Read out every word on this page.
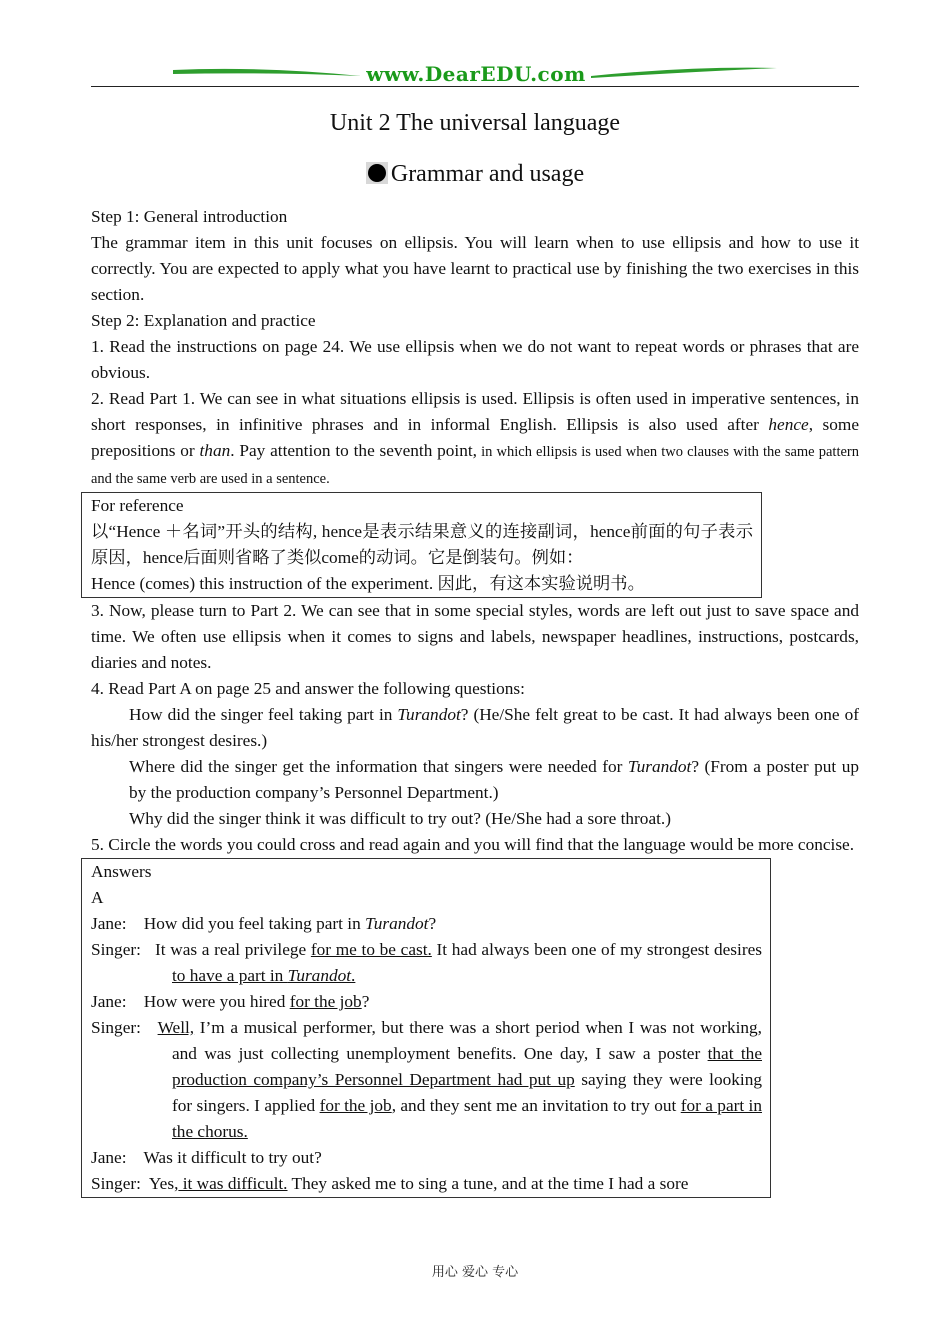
www.DearEDU.com
Unit 2 The universal language
Grammar and usage

Step 1: General introduction

The grammar item in this unit focuses on ellipsis. You will learn when to use ellipsis and how to use it correctly. You are expected to apply what you have learnt to practical use by finishing the two exercises in this section.

Step 2: Explanation and practice

1. Read the instructions on page 24. We use ellipsis when we do not want to repeat words or phrases that are obvious.

2. Read Part 1. We can see in what situations ellipsis is used. Ellipsis is often used in imperative sentences, in short responses, in infinitive phrases and in informal English. Ellipsis is also used after hence, some prepositions or than. Pay attention to the seventh point, in which ellipsis is used when two clauses with the same pattern and the same verb are used in a sentence.

For reference

以“Hence ＋名词”开头的结构, hence是表示结果意义的连接副词，hence前面的句子表示原因，hence后面则省略了类似come的动词。它是倒装句。例如：

Hence (comes) this instruction of the experiment. 因此，有这本实验说明书。

3. Now, please turn to Part 2. We can see that in some special styles, words are left out just to save space and time. We often use ellipsis when it comes to signs and labels, newspaper headlines, instructions, postcards, diaries and notes.

4. Read Part A on page 25 and answer the following questions:

How did the singer feel taking part in Turandot? (He/She felt great to be cast. It had always been one of his/her strongest desires.)

Where did the singer get the information that singers were needed for Turandot? (From a poster put up by the production company’s Personnel Department.)

Why did the singer think it was difficult to try out? (He/She had a sore throat.)

5. Circle the words you could cross and read again and you will find that the language would be more concise.

Answers

A

Jane: How did you feel taking part in Turandot?

Singer: It was a real privilege for me to be cast. It had always been one of my strongest desires to have a part in Turandot.

Jane: How were you hired for the job?

Singer: Well, I’m a musical performer, but there was a short period when I was not working, and was just collecting unemployment benefits. One day, I saw a poster that the production company’s Personnel Department had put up saying they were looking for singers. I applied for the job, and they sent me an invitation to try out for a part in the chorus.

Jane: Was it difficult to try out?

Singer: Yes, it was difficult. They asked me to sing a tune, and at the time I had a sore

用心 爱心 专心
